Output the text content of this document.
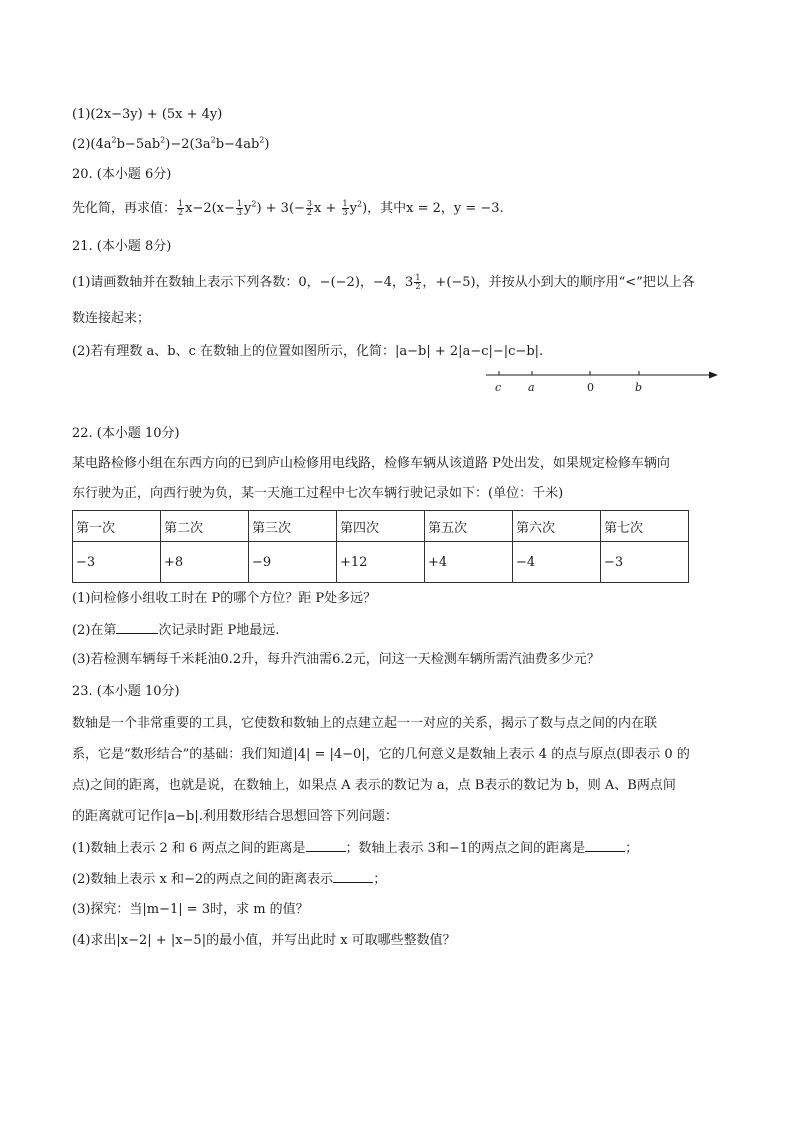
(1)(2x−3y) + (5x + 4y)
$(2)(4a^2b-5ab^2)-2(3a^2b-4ab^2)$
20. (本小题 6分)
先化简，再求值： $\frac{1}{2} x-2(x- \frac{1}{3} y^2) + 3(- \frac{3}{2}$ $x + \frac{1}{3} y^2$)，其中x = 2，y = −3.
21. (本小题 8分)
(1)请画数轴并在数轴上表示下列各数：0，−(−2)，−4，$3 \frac{1}{2}$ ，+(−5)，并按从小到大的顺序用“<”把以上各
数连接起来；
(2)若有理数 a、b、c 在数轴上的位置如图所示，化简：|a−b| + 2|a−c|−|c−b|.
c a	0	b
22. (本小题 10分)
某电路检修小组在东西方向的已到庐山检修用电线路，检修车辆从该道路 P处出发，如果规定检修车辆向
东行驶为正，向西行驶为负，某一天施工过程中七次车辆行驶记录如下：(单位：千米)
第一次	第二次	第三次	第四次	第五次	第六次	第七次
−3	+8	−9	+12	+4	−4	−3
(1)问检修小组收工时在 P的哪个方位？距 P处多远？
(2)在第	次记录时距 P地最远.
(3)若检测车辆每千米耗油0.2升，每升汽油需6.2元，问这一天检测车辆所需汽油费多少元？
23. (本小题 10分)
数轴是一个非常重要的工具，它使数和数轴上的点建立起一一对应的关系，揭示了数与点之间的内在联
系，它是“数形结合”的基础：我们知道|4| = |4−0|，它的几何意义是数轴上表示 4 的点与原点(即表示 0 的
点)之间的距离，也就是说，在数轴上，如果点 A 表示的数记为 a，点 B表示的数记为 b，则 A、B两点间
的距离就可记作|a−b|.利用数形结合思想回答下列问题：
(1)数轴上表示 2 和 6 两点之间的距离是	；数轴上表示 3和−1的两点之间的距离是	；
(2)数轴上表示 x 和−2的两点之间的距离表示	；
(3)探究：当|m−1| = 3时，求 m 的值？
(4)求出|x−2| + |x−5|的最小值，并写出此时 x 可取哪些整数值？
